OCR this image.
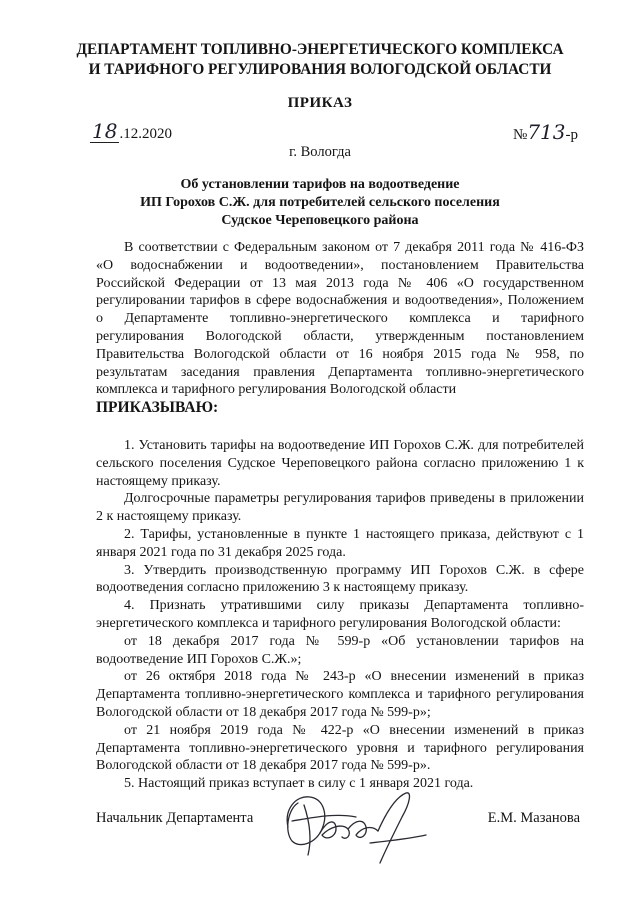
ДЕПАРТАМЕНТ ТОПЛИВНО-ЭНЕРГЕТИЧЕСКОГО КОМПЛЕКСА
И ТАРИФНОГО РЕГУЛИРОВАНИЯ ВОЛОГОДСКОЙ ОБЛАСТИ
ПРИКАЗ
18 .12.2020	№713-р
г. Вологда
Об установлении тарифов на водоотведение
ИП Горохов С.Ж. для потребителей сельского поселения
Судское Череповецкого района

В соответствии с Федеральным законом от 7 декабря 2011 года № 416-ФЗ «О водоснабжении и водоотведении», постановлением Правительства Российской Федерации от 13 мая 2013 года № 406 «О государственном регулировании тарифов в сфере водоснабжения и водоотведения», Положением о Департаменте топливно-энергетического комплекса и тарифного регулирования Вологодской области, утвержденным постановлением Правительства Вологодской области от 16 ноября 2015 года № 958, по результатам заседания правления Департамента топливно-энергетического комплекса и тарифного регулирования Вологодской области

ПРИКАЗЫВАЮ:

1. Установить тарифы на водоотведение ИП Горохов С.Ж. для потребителей сельского поселения Судское Череповецкого района согласно приложению 1 к настоящему приказу.

Долгосрочные параметры регулирования тарифов приведены в приложении 2 к настоящему приказу.

2. Тарифы, установленные в пункте 1 настоящего приказа, действуют с 1 января 2021 года по 31 декабря 2025 года.

3. Утвердить производственную программу ИП Горохов С.Ж. в сфере водоотведения согласно приложению 3 к настоящему приказу.

4. Признать утратившими силу приказы Департамента топливно-энергетического комплекса и тарифного регулирования Вологодской области:

от 18 декабря 2017 года № 599-р «Об установлении тарифов на водоотведение ИП Горохов С.Ж.»;

от 26 октября 2018 года № 243-р «О внесении изменений в приказ Департамента топливно-энергетического комплекса и тарифного регулирования Вологодской области от 18 декабря 2017 года № 599-р»;

от 21 ноября 2019 года № 422-р «О внесении изменений в приказ Департамента топливно-энергетического уровня и тарифного регулирования Вологодской области от 18 декабря 2017 года № 599-р».

5. Настоящий приказ вступает в силу с 1 января 2021 года.

Начальник Департамента	Е.М. Мазанова
